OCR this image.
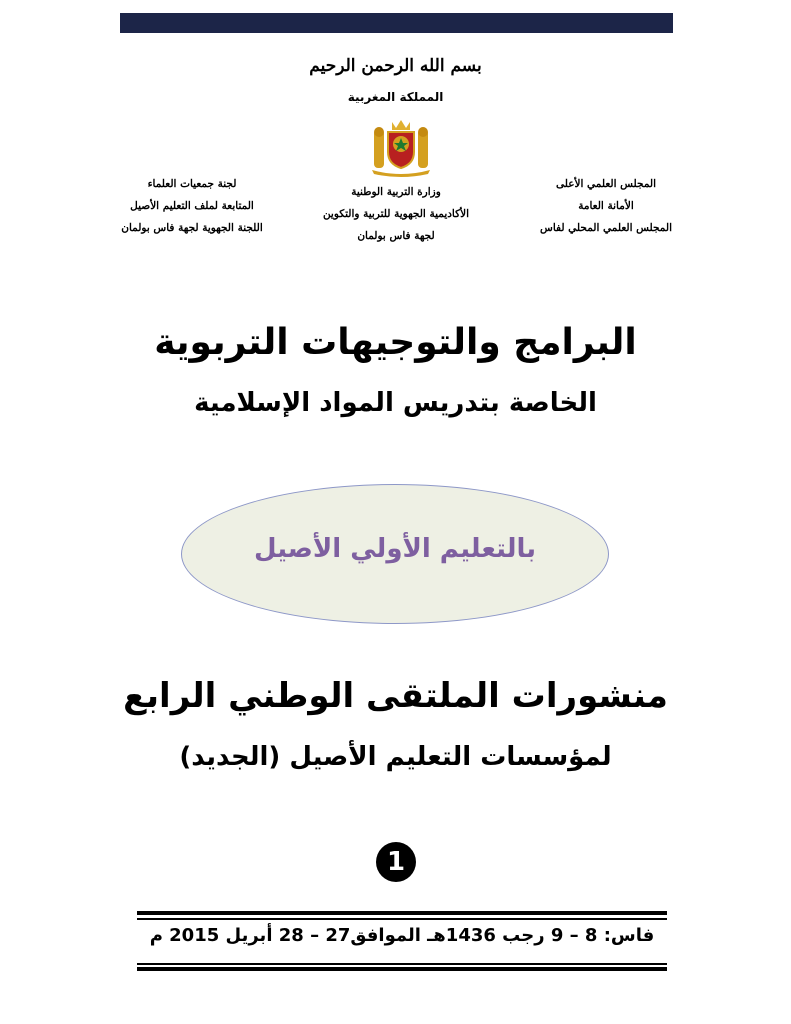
بسم الله الرحمن الرحيم
المملكة المغربية
المجلس العلمي الأعلى
الأمانة العامة
المجلس العلمي المحلي لفاس
وزارة التربية الوطنية
الأكاديمية الجهوية للتربية والتكوين
لجهة فاس بولمان
لجنة جمعيات العلماء
المتابعة لملف التعليم الأصيل
اللجنة الجهوية لجهة فاس بولمان
البرامج والتوجيهات التربوية
الخاصة بتدريس المواد الإسلامية
بالتعليم الأولي الأصيل
منشورات الملتقى الوطني الرابع
لمؤسسات التعليم الأصيل (الجديد)
1
فاس: 8 – 9 رجب 1436هـ الموافق27 – 28 أبريل 2015 م
